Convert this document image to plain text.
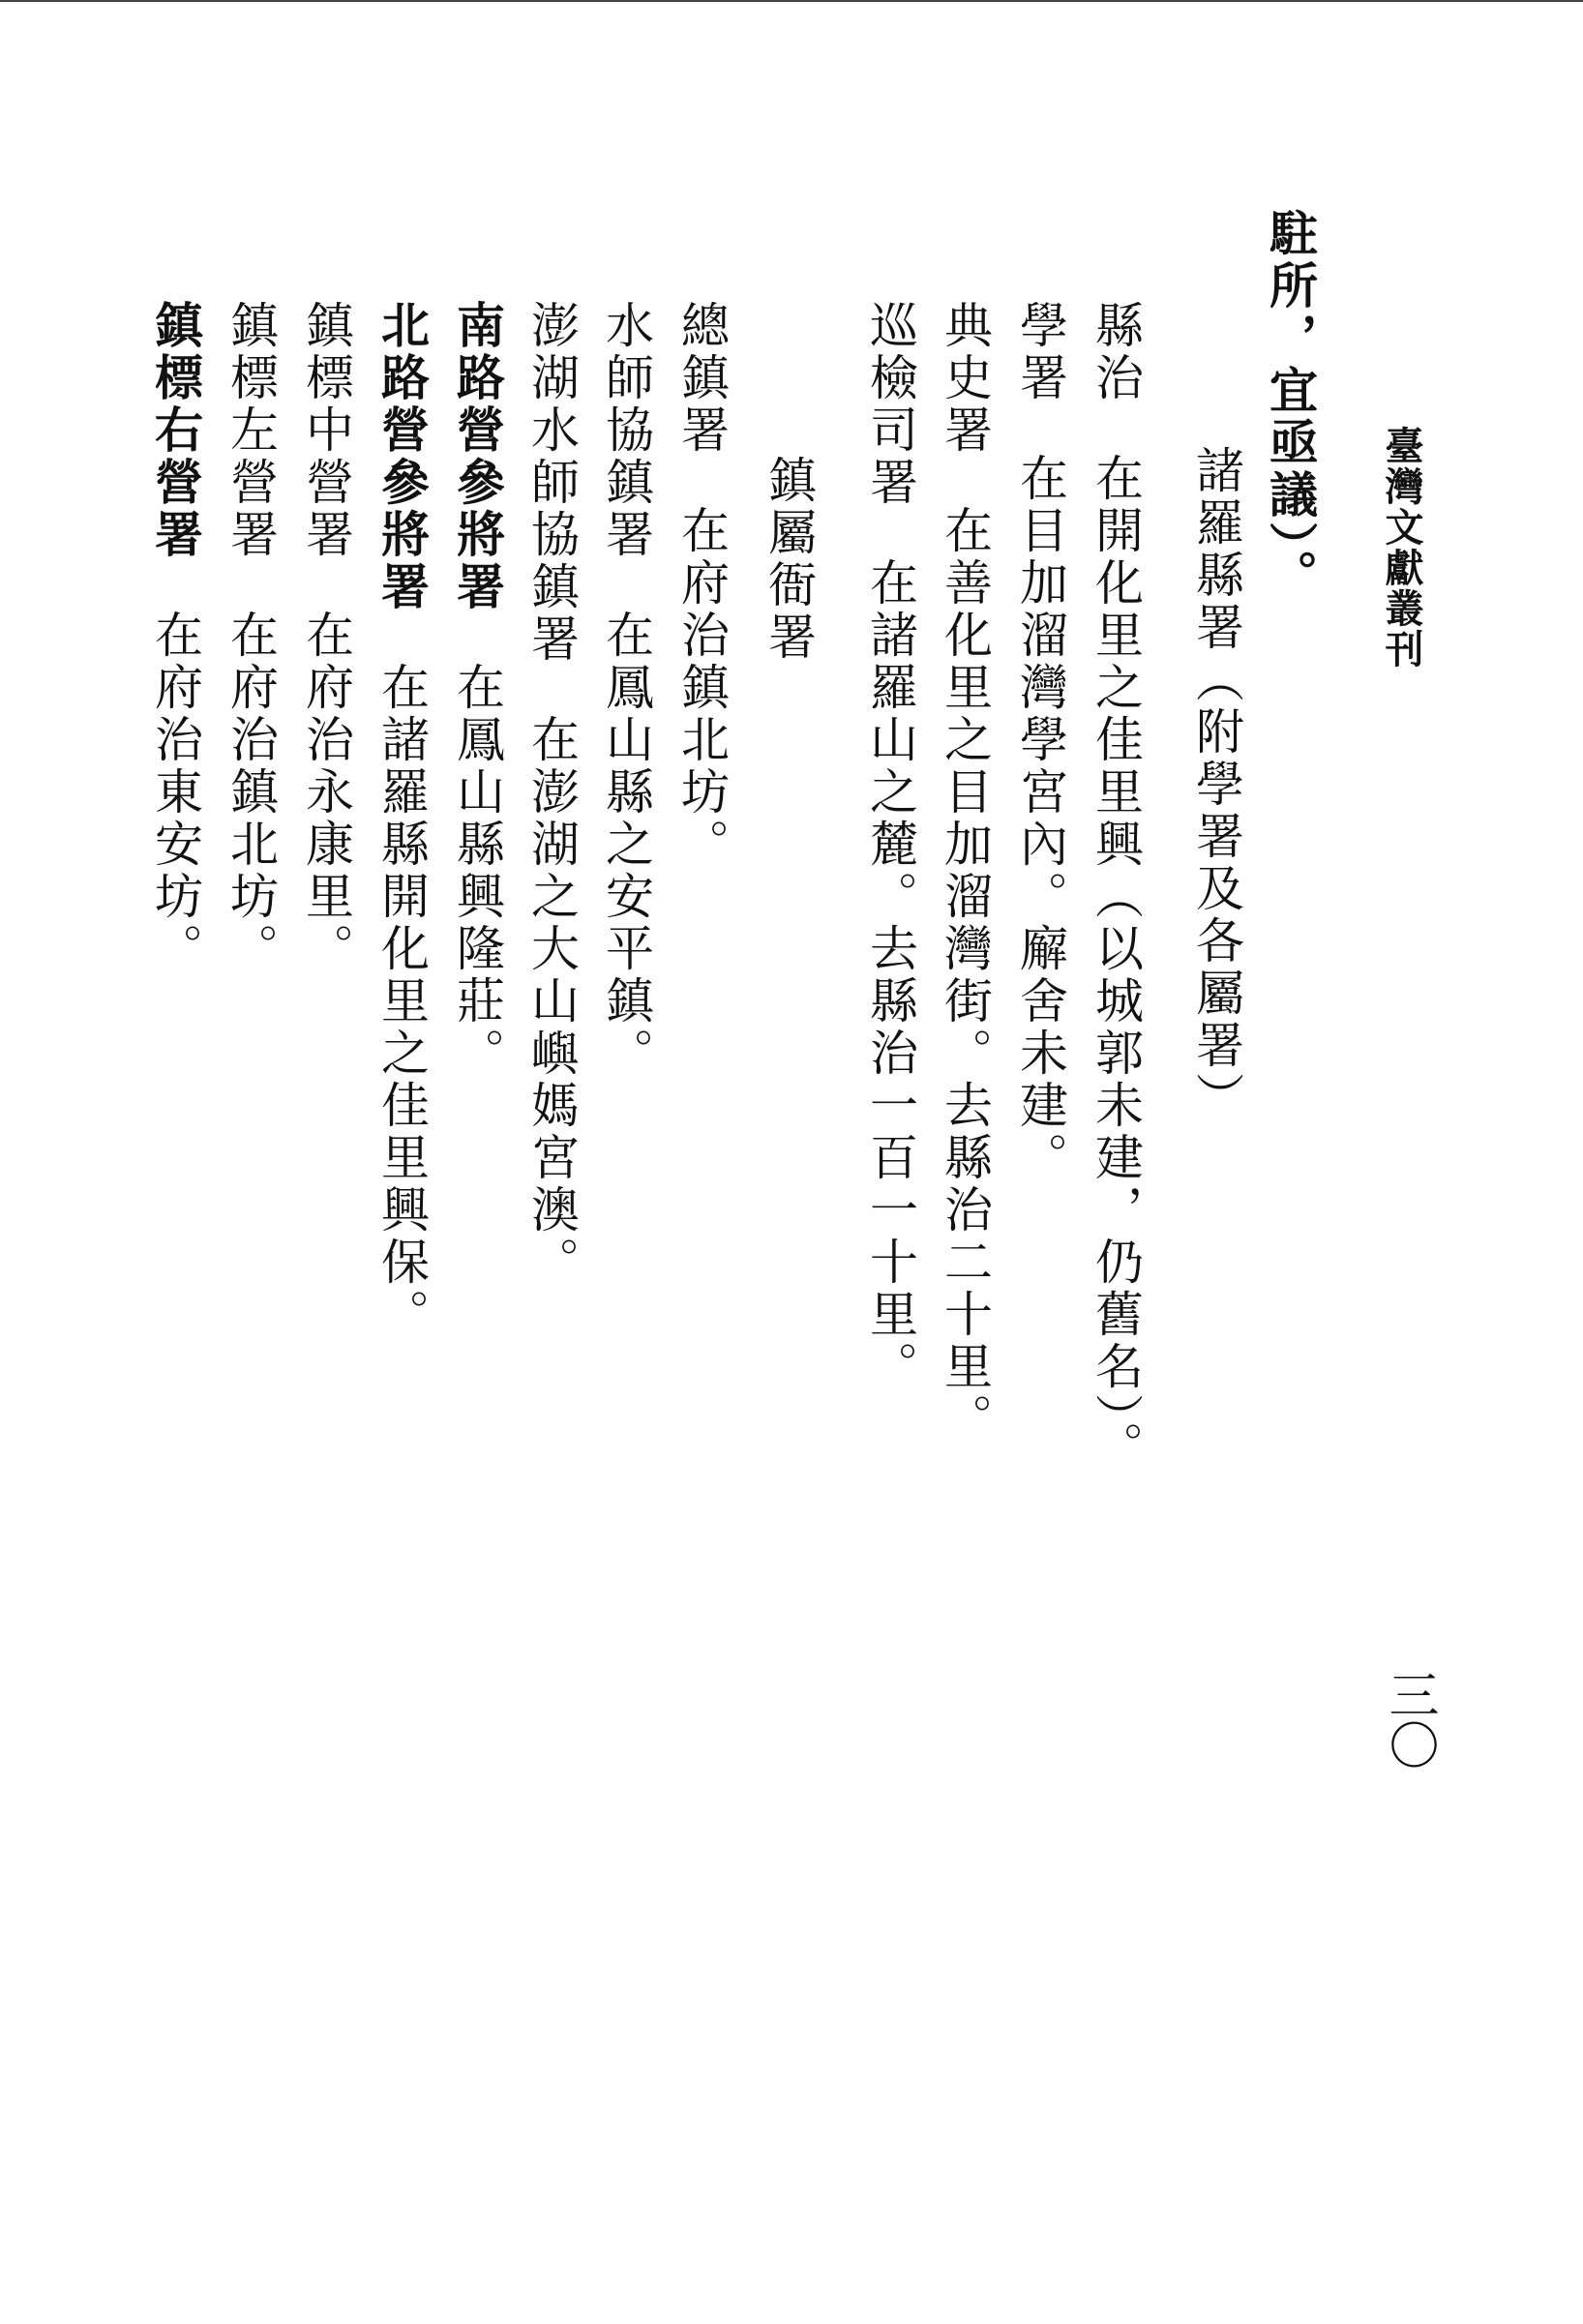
臺灣文獻叢刊
三〇
駐所，宜亟議）。
諸羅縣署（附學署及各屬署）
縣治在開化里之佳里興（以城郭未建，仍舊名）。
學署在目加溜灣學宮內。廨舍未建。
典史署在善化里之目加溜灣街。去縣治二十里。
巡檢司署在諸羅山之麓。去縣治一百一十里。
鎮屬衙署
總鎮署在府治鎮北坊。
水師協鎮署在鳳山縣之安平鎮。
澎湖水師協鎮署在澎湖之大山嶼媽宮澳。
南路營參將署在鳳山縣興隆莊。
北路營參將署在諸羅縣開化里之佳里興保。
鎮標中營署在府治永康里。
鎮標左營署在府治鎮北坊。
鎮標右營署在府治東安坊。
